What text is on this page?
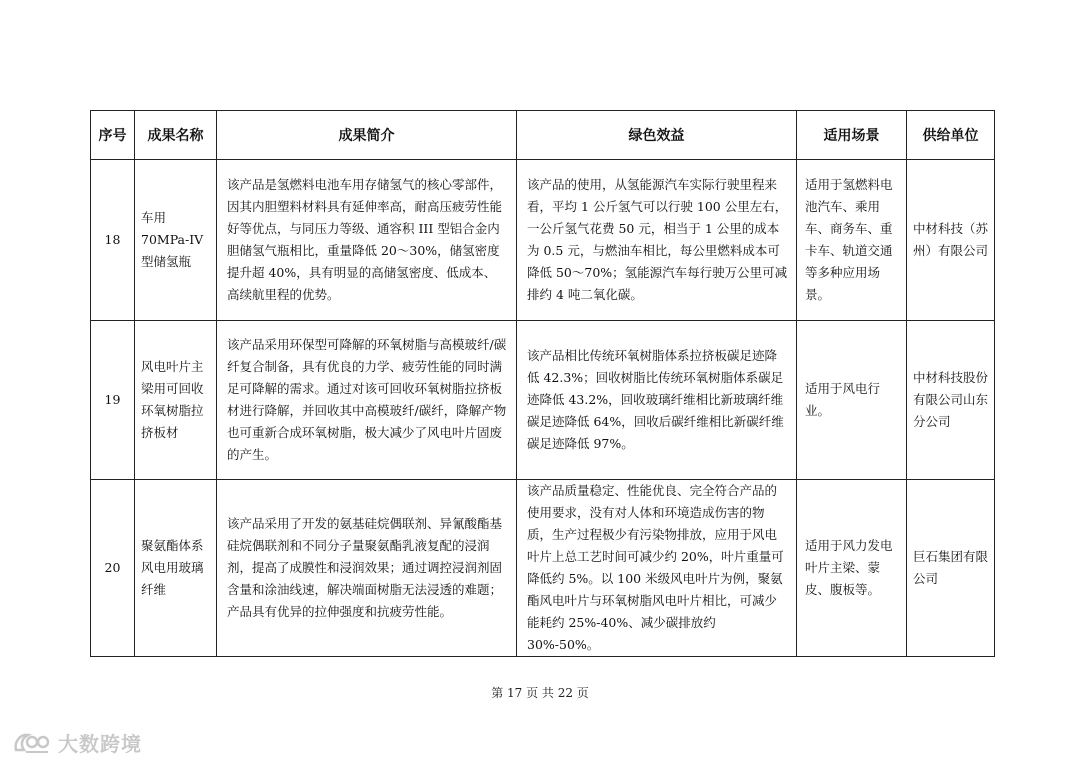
序号	成果名称	成果简介	绿色效益	适用场景	供给单位
18	车用70MPa-IV型储氢瓶	该产品是氢燃料电池车用存储氢气的核心零部件，因其内胆塑料材料具有延伸率高，耐高压疲劳性能好等优点，与同压力等级、通容积 III 型铝合金内胆储氢气瓶相比，重量降低 20～30%，储氢密度提升超 40%，具有明显的高储氢密度、低成本、高续航里程的优势。	该产品的使用，从氢能源汽车实际行驶里程来看，平均 1 公斤氢气可以行驶 100 公里左右，一公斤氢气花费 50 元，相当于 1 公里的成本为 0.5 元，与燃油车相比，每公里燃料成本可降低 50～70%；氢能源汽车每行驶万公里可减排约 4 吨二氧化碳。	适用于氢燃料电池汽车、乘用车、商务车、重卡车、轨道交通等多种应用场景。	中材科技（苏州）有限公司
19	风电叶片主梁用可回收环氧树脂拉挤板材	该产品采用环保型可降解的环氧树脂与高模玻纤/碳纤复合制备，具有优良的力学、疲劳性能的同时满足可降解的需求。通过对该可回收环氧树脂拉挤板材进行降解，并回收其中高模玻纤/碳纤，降解产物也可重新合成环氧树脂，极大减少了风电叶片固废的产生。	该产品相比传统环氧树脂体系拉挤板碳足迹降低 42.3%；回收树脂比传统环氧树脂体系碳足迹降低 43.2%，回收玻璃纤维相比新玻璃纤维碳足迹降低 64%，回收后碳纤维相比新碳纤维碳足迹降低 97%。	适用于风电行业。	中材科技股份有限公司山东分公司
20	聚氨酯体系风电用玻璃纤维	该产品采用了开发的氨基硅烷偶联剂、异氰酸酯基硅烷偶联剂和不同分子量聚氨酯乳液复配的浸润剂，提高了成膜性和浸润效果；通过调控浸润剂固含量和涂油线速，解决端面树脂无法浸透的难题；产品具有优异的拉伸强度和抗疲劳性能。	该产品质量稳定、性能优良、完全符合产品的使用要求，没有对人体和环境造成伤害的物质，生产过程极少有污染物排放，应用于风电叶片上总工艺时间可减少约 20%，叶片重量可降低约 5%。以 100 米级风电叶片为例，聚氨酯风电叶片与环氧树脂风电叶片相比，可减少能耗约 25%-40%、减少碳排放约 30%-50%。	适用于风力发电叶片主梁、蒙皮、腹板等。	巨石集团有限公司
第 17 页 共 22 页
大数跨境
